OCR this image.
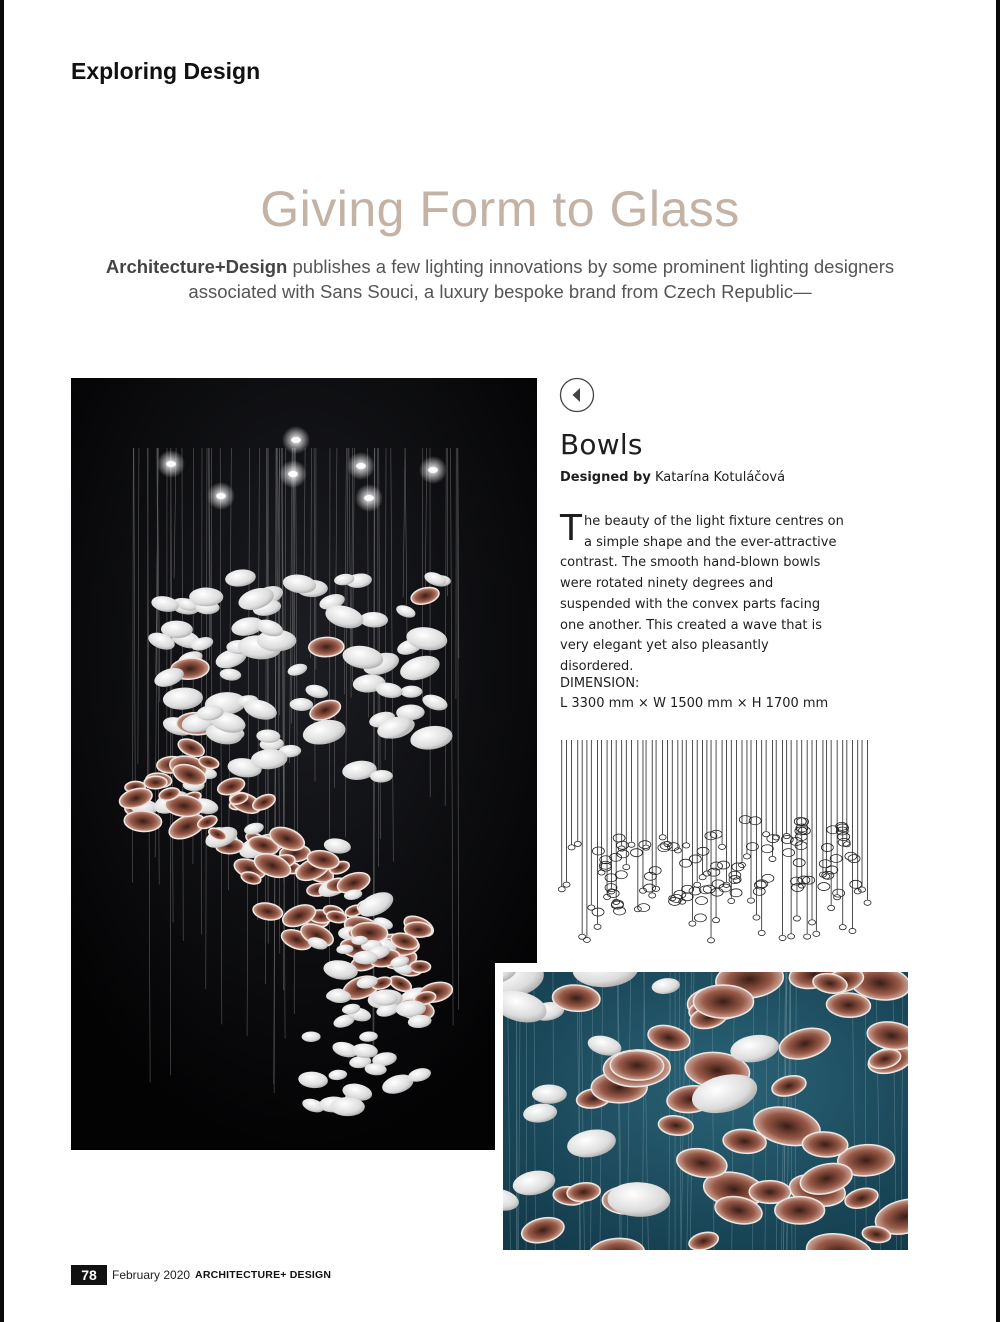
Exploring Design
Giving Form to Glass
Architecture+Design publishes a few lighting innovations by some prominent lighting designers
associated with Sans Souci, a luxury bespoke brand from Czech Republic—
Bowls
Designed by Katarína Kotuláčová
The beauty of the light fixture centres on a simple shape and the ever-attractive contrast. The smooth hand-blown bowls were rotated ninety degrees and suspended with the convex parts facing one another. This created a wave that is very elegant yet also pleasantly disordered.
DIMENSION:
L 3300 mm × W 1500 mm × H 1700 mm
78	February 2020 ARCHITECTURE+ DESIGN
